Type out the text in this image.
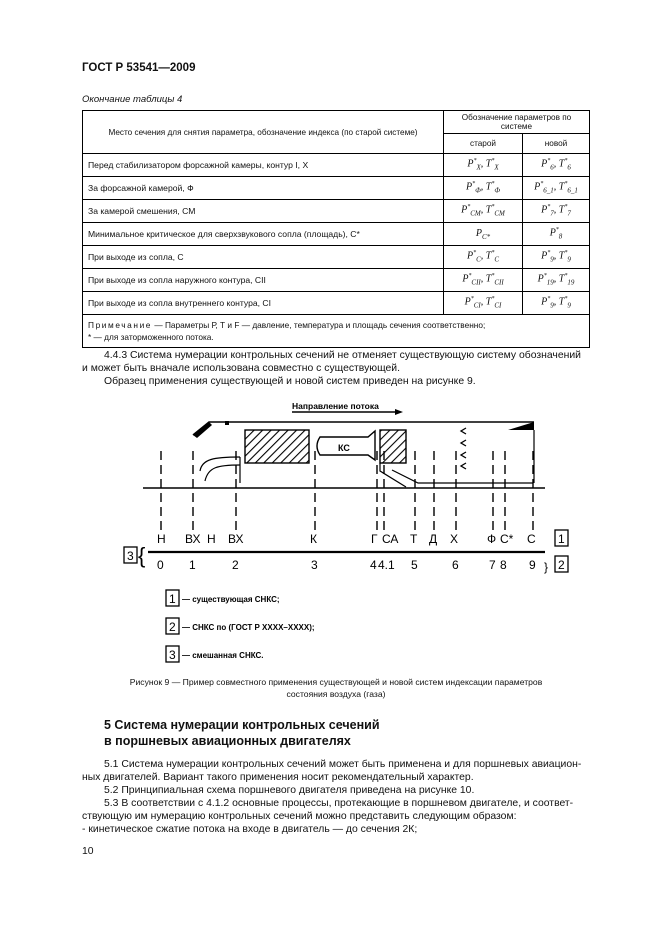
ГОСТ Р 53541—2009
Окончание таблицы 4
Место сечения для снятия параметра, обозначение индекса (по старой системе)	Обозначение параметров по системе	
	старой	новой
Перед стабилизатором форсажной камеры, контур I, X	$P^*_X$, $T^*_X$	$P^*_6$, $T^*_6$
За форсажной камерой, Ф	$P^*_Ф$, $T^*_Ф$	$P^*_{6\_1}$, $T^*_{6\_1}$
За камерой смешения, СМ	$P^*_{CM}$, $T^*_{CM}$	$P^*_7$, $T^*_7$
Минимальное критическое для сверхзвукового сопла (площадь), С*	$P_{C*}$	$P^*_8$
При выходе из сопла, С	$P^*_C$, $T^*_C$	$P^*_9$, $T^*_9$
При выходе из сопла наружного контура, СII	$P^*_{CII}$, $T^*_{CII}$	$P^*_{19}$, $T^*_{19}$
При выходе из сопла внутреннего контура, СI	$P^*_{CI}$, $T^*_{CI}$	$P^*_9$, $T^*_9$
Примечание — Параметры Р, Т и F — давление, температура и площадь сечения соответственно;
* — для заторможенного потока.		
4.4.3 Система нумерации контрольных сечений не отменяет существующую систему обозначений
и может быть вначале использована совместно с существующей.
Образец применения существующей и новой систем приведен на рисунке 9.
Направление потока
КС
Н ВХ Н ВХ	К	Г СА Т Д Х Ф С* С 1
3 { 0 1	2	3	4 4.1 5	6	7 8 9 2
}
1 — существующая СНКС;
2 — СНКС по (ГОСТ Р XXXX–XXXX);
3 — смешанная СНКС.
Рисунок 9 — Пример совместного применения существующей и новой систем индексации параметров
состояния воздуха (газа)
5 Система нумерации контрольных сечений
в поршневых авиационных двигателях
5.1 Система нумерации контрольных сечений может быть применена и для поршневых авиацион-
ных двигателей. Вариант такого применения носит рекомендательный характер.
5.2 Принципиальная схема поршневого двигателя приведена на рисунке 10.
5.3 В соответствии с 4.1.2 основные процессы, протекающие в поршневом двигателе, и соответ-
ствующую им нумерацию контрольных сечений можно представить следующим образом:
- кинетическое сжатие потока на входе в двигатель — до сечения 2К;
10
